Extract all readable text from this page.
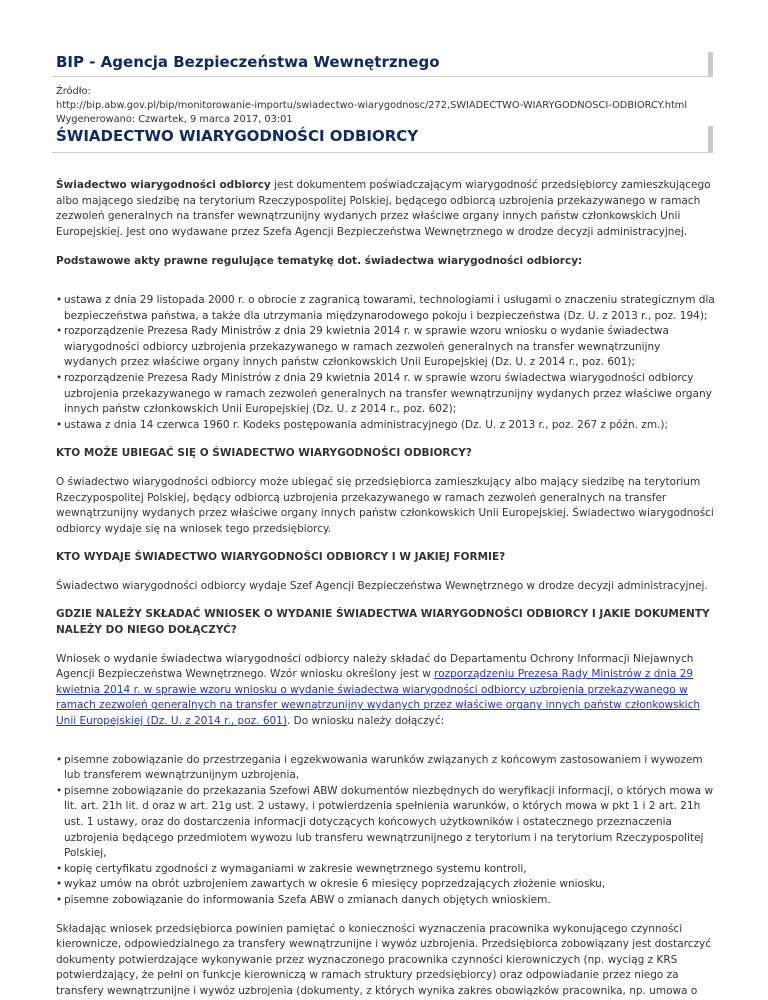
BIP - Agencja Bezpieczeństwa Wewnętrznego
Źródło:
http://bip.abw.gov.pl/bip/monitorowanie-importu/swiadectwo-wiarygodnosc/272,SWIADECTWO-WIARYGODNOSCI-ODBIORCY.html
Wygenerowano: Czwartek, 9 marca 2017, 03:01
ŚWIADECTWO WIARYGODNOŚCI ODBIORCY
Świadectwo wiarygodności odbiorcy jest dokumentem poświadczającym wiarygodność przedsiębiorcy zamieszkującego
albo mającego siedzibę na terytorium Rzeczypospolitej Polskiej, będącego odbiorcą uzbrojenia przekazywanego w ramach
zezwoleń generalnych na transfer wewnątrzunijny wydanych przez właściwe organy innych państw członkowskich Unii
Europejskiej. Jest ono wydawane przez Szefa Agencji Bezpieczeństwa Wewnętrznego w drodze decyzji administracyjnej.
Podstawowe akty prawne regulujące tematykę dot. świadectwa wiarygodności odbiorcy:
• ustawa z dnia 29 listopada 2000 r. o obrocie z zagranicą towarami, technologiami i usługami o znaczeniu strategicznym dla
bezpieczeństwa państwa, a także dla utrzymania międzynarodowego pokoju i bezpieczeństwa (Dz. U. z 2013 r., poz. 194);
• rozporządzenie Prezesa Rady Ministrów z dnia 29 kwietnia 2014 r. w sprawie wzoru wniosku o wydanie świadectwa
wiarygodności odbiorcy uzbrojenia przekazywanego w ramach zezwoleń generalnych na transfer wewnątrzunijny
wydanych przez właściwe organy innych państw członkowskich Unii Europejskiej (Dz. U. z 2014 r., poz. 601);
• rozporządzenie Prezesa Rady Ministrów z dnia 29 kwietnia 2014 r. w sprawie wzoru świadectwa wiarygodności odbiorcy
uzbrojenia przekazywanego w ramach zezwoleń generalnych na transfer wewnątrzunijny wydanych przez właściwe organy
innych państw członkowskich Unii Europejskiej (Dz. U. z 2014 r., poz. 602);
• ustawa z dnia 14 czerwca 1960 r. Kodeks postępowania administracyjnego (Dz. U. z 2013 r., poz. 267 z późn. zm.);
KTO MOŻE UBIEGAĆ SIĘ O ŚWIADECTWO WIARYGODNOŚCI ODBIORCY?
O świadectwo wiarygodności odbiorcy może ubiegać się przedsiębiorca zamieszkujący albo mający siedzibę na terytorium
Rzeczypospolitej Polskiej, będący odbiorcą uzbrojenia przekazywanego w ramach zezwoleń generalnych na transfer
wewnątrzunijny wydanych przez właściwe organy innych państw członkowskich Unii Europejskiej. Świadectwo wiarygodności
odbiorcy wydaje się na wniosek tego przedsiębiorcy.
KTO WYDAJE ŚWIADECTWO WIARYGODNOŚCI ODBIORCY I W JAKIEJ FORMIE?
Świadectwo wiarygodności odbiorcy wydaje Szef Agencji Bezpieczeństwa Wewnętrznego w drodze decyzji administracyjnej.
GDZIE NALEŻY SKŁADAĆ WNIOSEK O WYDANIE ŚWIADECTWA WIARYGODNOŚCI ODBIORCY I JAKIE DOKUMENTY
NALEŻY DO NIEGO DOŁĄCZYĆ?
Wniosek o wydanie świadectwa wiarygodności odbiorcy należy składać do Departamentu Ochrony Informacji Niejawnych
Agencji Bezpieczeństwa Wewnętrznego. Wzór wniosku określony jest w rozporządzeniu Prezesa Rady Ministrów z dnia 29
kwietnia 2014 r. w sprawie wzoru wniosku o wydanie świadectwa wiarygodności odbiorcy uzbrojenia przekazywanego w
ramach zezwoleń generalnych na transfer wewnątrzunijny wydanych przez właściwe organy innych państw członkowskich
Unii Europejskiej (Dz. U. z 2014 r., poz. 601). Do wniosku należy dołączyć:
• pisemne zobowiązanie do przestrzegania i egzekwowania warunków związanych z końcowym zastosowaniem i wywozem
lub transferem wewnątrzunijnym uzbrojenia,
• pisemne zobowiązanie do przekazania Szefowi ABW dokumentów niezbędnych do weryfikacji informacji, o których mowa w
lit. art. 21h lit. d oraz w art. 21g ust. 2 ustawy, i potwierdzenia spełnienia warunków, o których mowa w pkt 1 i 2 art. 21h
ust. 1 ustawy, oraz do dostarczenia informacji dotyczących końcowych użytkowników i ostatecznego przeznaczenia
uzbrojenia będącego przedmiotem wywozu lub transferu wewnątrzunijnego z terytorium i na terytorium Rzeczypospolitej
Polskiej,
• kopię certyfikatu zgodności z wymaganiami w zakresie wewnętrznego systemu kontroli,
• wykaz umów na obrót uzbrojeniem zawartych w okresie 6 miesięcy poprzedzających złożenie wniosku,
• pisemne zobowiązanie do informowania Szefa ABW o zmianach danych objętych wnioskiem.
Składając wniosek przedsiębiorca powinien pamiętać o konieczności wyznaczenia pracownika wykonującego czynności
kierownicze, odpowiedzialnego za transfery wewnątrzunijne i wywóz uzbrojenia. Przedsiębiorca zobowiązany jest dostarczyć
dokumenty potwierdzające wykonywanie przez wyznaczonego pracownika czynności kierowniczych (np. wyciąg z KRS
potwierdzający, że pełni on funkcje kierowniczą w ramach struktury przedsiębiorcy) oraz odpowiadanie przez niego za
transfery wewnątrzunijne i wywóz uzbrojenia (dokumenty, z których wynika zakres obowiązków pracownika, np. umowa o
